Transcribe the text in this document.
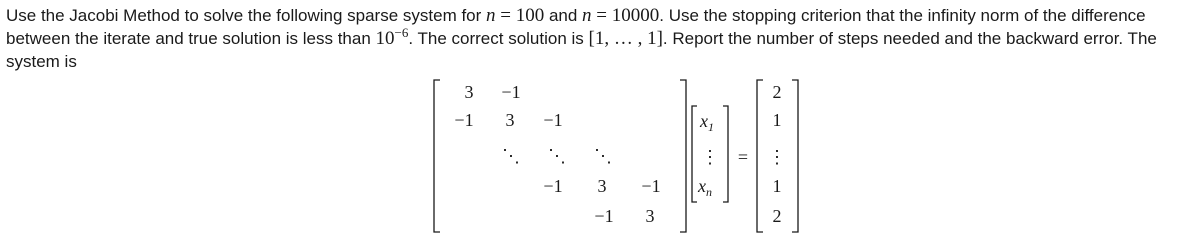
Use the Jacobi Method to solve the following sparse system for n = 100 and n = 10000. Use the stopping criterion that the infinity norm of the difference
between the iterate and true solution is less than $10^{-6}$. The correct solution is [1, … , 1]. Report the number of steps needed and the backward error. The
system is
3 −1
−1 3 −1
⋱ ⋱ ⋱
−1 3 −1
−1 3
$x_1$
⋮
$x_n$
=
2
1
⋮
1
2
